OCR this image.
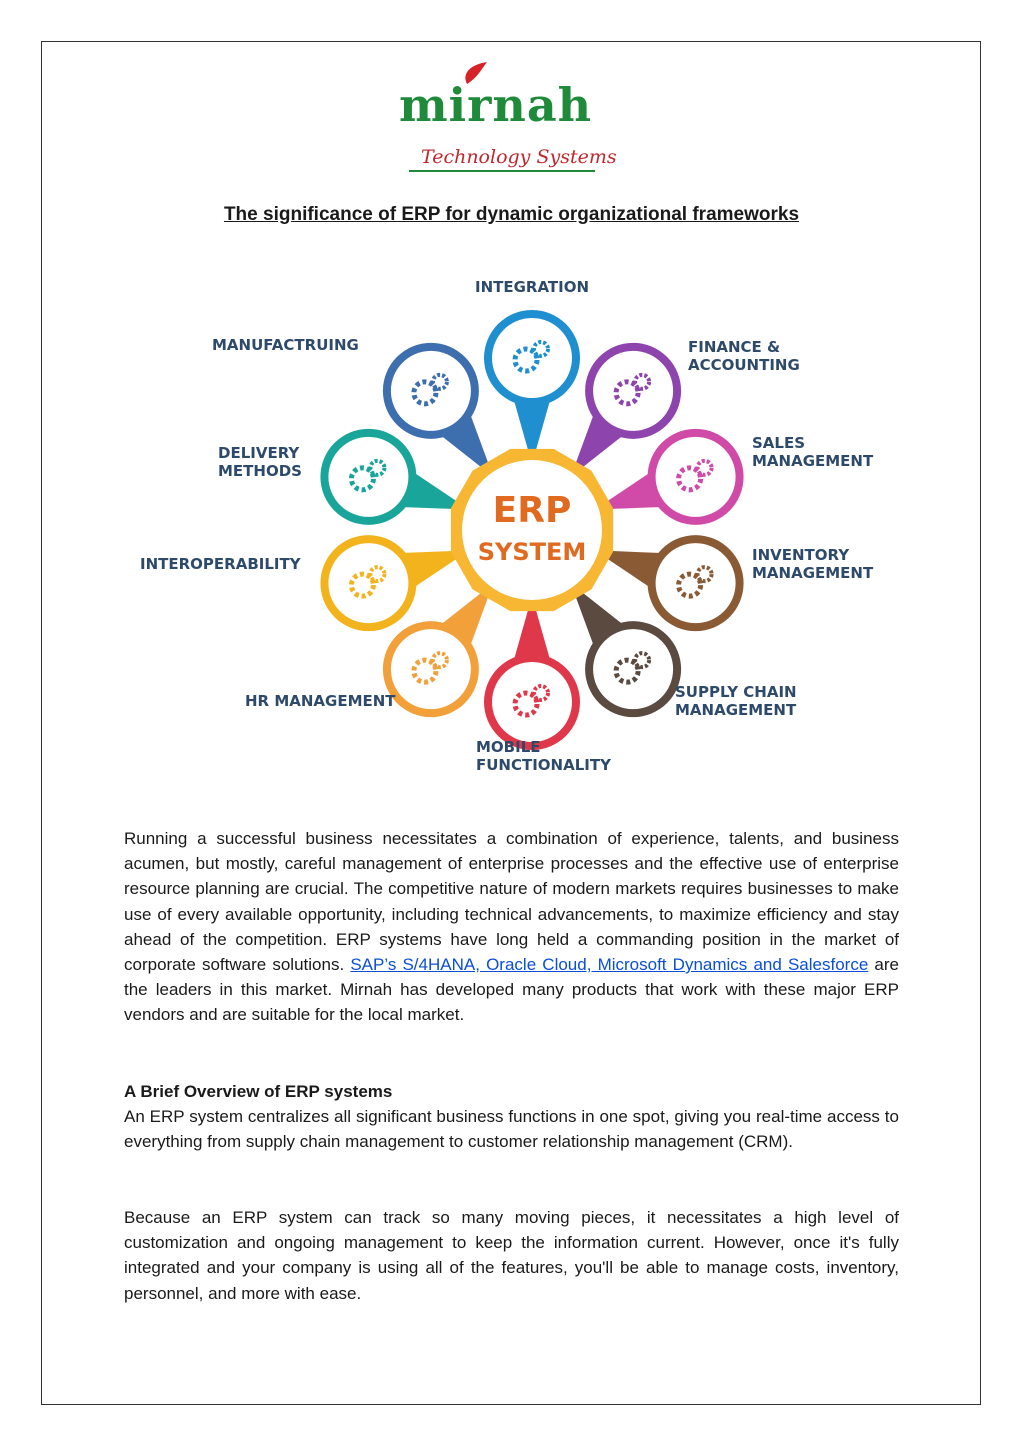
mirnah
Technology Systems
The significance of ERP for dynamic organizational frameworks
ERP
SYSTEM
INTEGRATION
FINANCE &
ACCOUNTING
SALES
MANAGEMENT
INVENTORY
MANAGEMENT
SUPPLY CHAIN
MANAGEMENT
MOBILE
FUNCTIONALITY
HR MANAGEMENT
INTEROPERABILITY
DELIVERY
METHODS
MANUFACTRUING

Running a successful business necessitates a combination of experience, talents, and business acumen, but mostly, careful management of enterprise processes and the effective use of enterprise resource planning are crucial. The competitive nature of modern markets requires businesses to make use of every available opportunity, including technical advancements, to maximize efficiency and stay ahead of the competition. ERP systems have long held a commanding position in the market of corporate software solutions. SAP’s S/4HANA, Oracle Cloud, Microsoft Dynamics and Salesforce are the leaders in this market. Mirnah has developed many products that work with these major ERP vendors and are suitable for the local market.

A Brief Overview of ERP systems

An ERP system centralizes all significant business functions in one spot, giving you real-time access to everything from supply chain management to customer relationship management (CRM).

Because an ERP system can track so many moving pieces, it necessitates a high level of customization and ongoing management to keep the information current. However, once it's fully integrated and your company is using all of the features, you'll be able to manage costs, inventory, personnel, and more with ease.
